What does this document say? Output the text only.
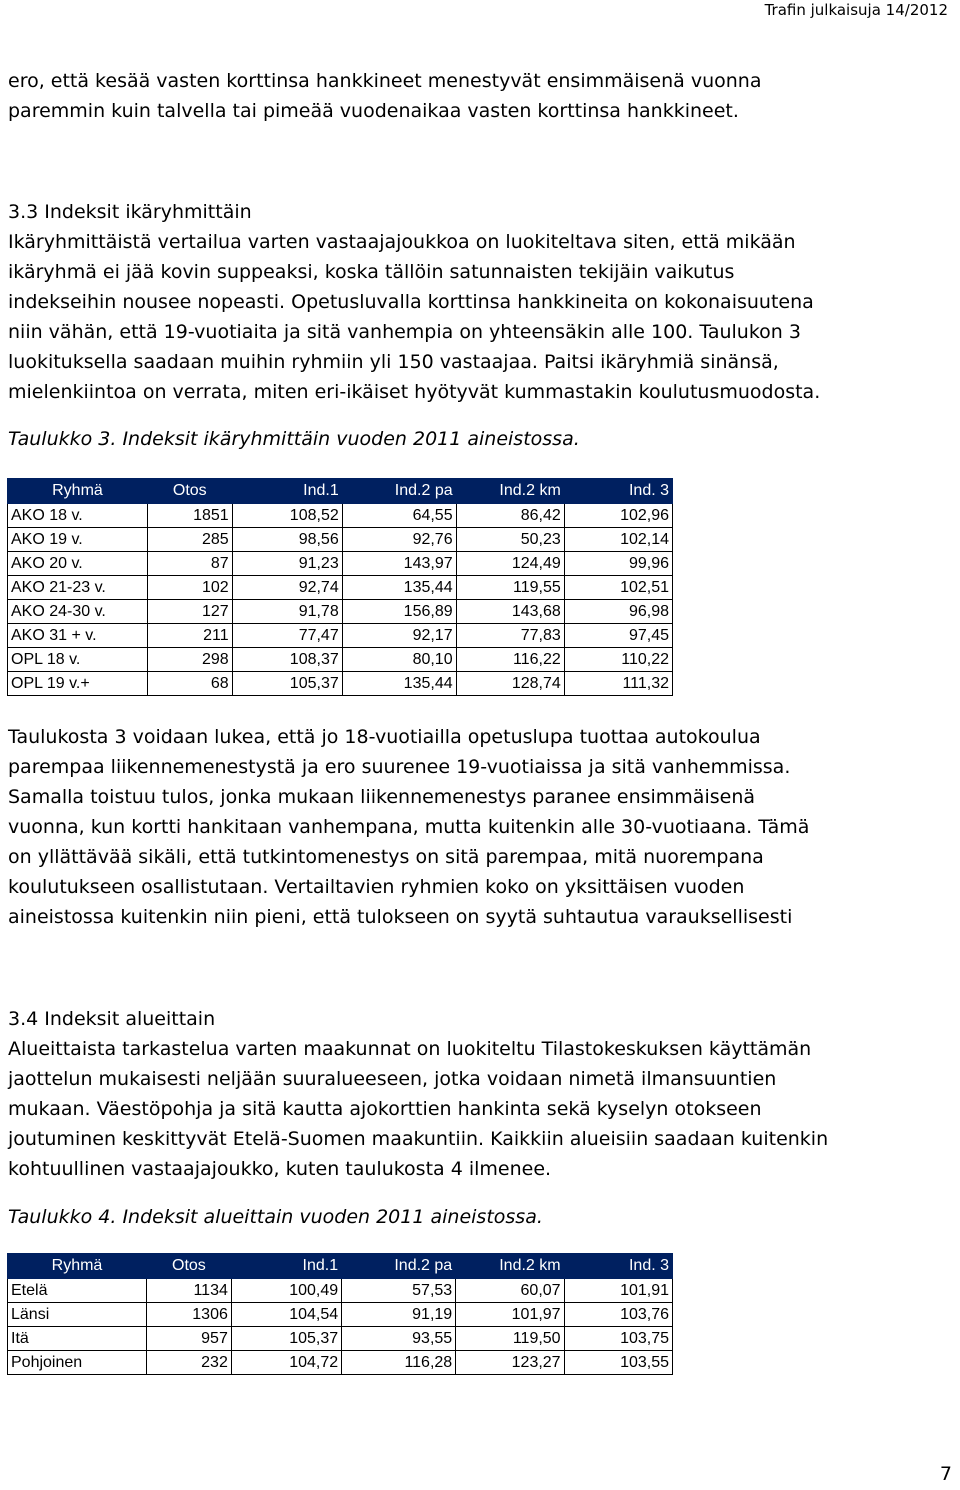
Trafin julkaisuja 14/2012

ero, että kesää vasten korttinsa hankkineet menestyvät ensimmäisenä vuonna
paremmin kuin talvella tai pimeää vuodenaikaa vasten korttinsa hankkineet.
3.3 Indeksit ikäryhmittäin
Ikäryhmittäistä vertailua varten vastaajajoukkoa on luokiteltava siten, että mikään
ikäryhmä ei jää kovin suppeaksi, koska tällöin satunnaisten tekijäin vaikutus
indekseihin nousee nopeasti. Opetusluvalla korttinsa hankkineita on kokonaisuutena
niin vähän, että 19-vuotiaita ja sitä vanhempia on yhteensäkin alle 100. Taulukon 3
luokituksella saadaan muihin ryhmiin yli 150 vastaajaa. Paitsi ikäryhmiä sinänsä,
mielenkiintoa on verrata, miten eri-ikäiset hyötyvät kummastakin koulutusmuodosta.
Taulukko 3. Indeksit ikäryhmittäin vuoden 2011 aineistossa.
Ryhmä	Otos	Ind.1	Ind.2 pa	Ind.2 km	Ind. 3
AKO 18 v.	1851	108,52	64,55	86,42	102,96
AKO 19 v.	285	98,56	92,76	50,23	102,14
AKO 20 v.	87	91,23	143,97	124,49	99,96
AKO 21-23 v.	102	92,74	135,44	119,55	102,51
AKO 24-30 v.	127	91,78	156,89	143,68	96,98
AKO 31 + v.	211	77,47	92,17	77,83	97,45
OPL 18 v.	298	108,37	80,10	116,22	110,22
OPL 19 v.+	68	105,37	135,44	128,74	111,32
Taulukosta 3 voidaan lukea, että jo 18-vuotiailla opetuslupa tuottaa autokoulua
parempaa liikennemenestystä ja ero suurenee 19-vuotiaissa ja sitä vanhemmissa.
Samalla toistuu tulos, jonka mukaan liikennemenestys paranee ensimmäisenä
vuonna, kun kortti hankitaan vanhempana, mutta kuitenkin alle 30-vuotiaana. Tämä
on yllättävää sikäli, että tutkintomenestys on sitä parempaa, mitä nuorempana
koulutukseen osallistutaan. Vertailtavien ryhmien koko on yksittäisen vuoden
aineistossa kuitenkin niin pieni, että tulokseen on syytä suhtautua varauksellisesti
3.4 Indeksit alueittain
Alueittaista tarkastelua varten maakunnat on luokiteltu Tilastokeskuksen käyttämän
jaottelun mukaisesti neljään suuralueeseen, jotka voidaan nimetä ilmansuuntien
mukaan. Väestöpohja ja sitä kautta ajokorttien hankinta sekä kyselyn otokseen
joutuminen keskittyvät Etelä-Suomen maakuntiin. Kaikkiin alueisiin saadaan kuitenkin
kohtuullinen vastaajajoukko, kuten taulukosta 4 ilmenee.
Taulukko 4. Indeksit alueittain vuoden 2011 aineistossa.
Ryhmä	Otos	Ind.1	Ind.2 pa	Ind.2 km	Ind. 3
Etelä	1134	100,49	57,53	60,07	101,91
Länsi	1306	104,54	91,19	101,97	103,76
Itä	957	105,37	93,55	119,50	103,75
Pohjoinen	232	104,72	116,28	123,27	103,55

7
